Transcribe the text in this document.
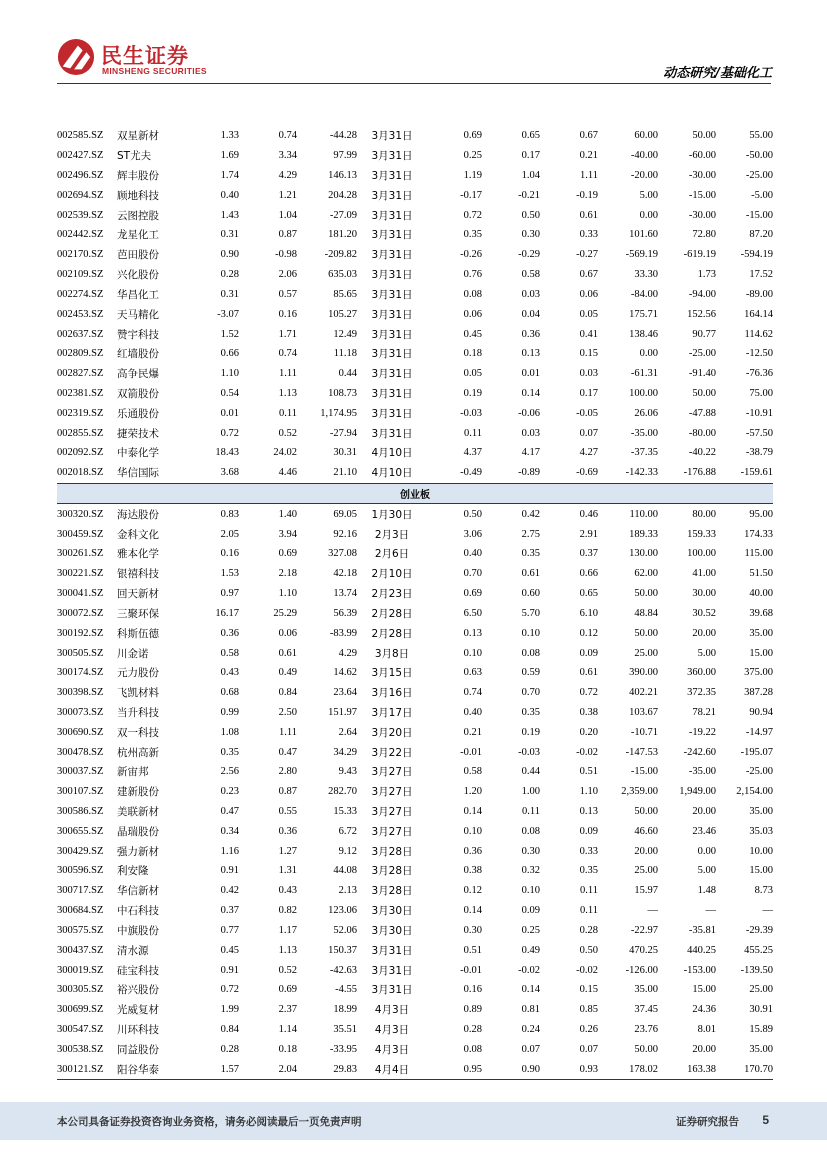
民生证券
MINSHENG SECURITIES	动态研究/基础化工
002585.SZ	双星新材	1.33	0.74	-44.28	3月31日	0.69	0.65	0.67	60.00	50.00	55.00
002427.SZ	ST尤夫	1.69	3.34	97.99	3月31日	0.25	0.17	0.21	-40.00	-60.00	-50.00
002496.SZ	辉丰股份	1.74	4.29	146.13	3月31日	1.19	1.04	1.11	-20.00	-30.00	-25.00
002694.SZ	顾地科技	0.40	1.21	204.28	3月31日	-0.17	-0.21	-0.19	5.00	-15.00	-5.00
002539.SZ	云图控股	1.43	1.04	-27.09	3月31日	0.72	0.50	0.61	0.00	-30.00	-15.00
002442.SZ	龙星化工	0.31	0.87	181.20	3月31日	0.35	0.30	0.33	101.60	72.80	87.20
002170.SZ	芭田股份	0.90	-0.98	-209.82	3月31日	-0.26	-0.29	-0.27	-569.19	-619.19	-594.19
002109.SZ	兴化股份	0.28	2.06	635.03	3月31日	0.76	0.58	0.67	33.30	1.73	17.52
002274.SZ	华昌化工	0.31	0.57	85.65	3月31日	0.08	0.03	0.06	-84.00	-94.00	-89.00
002453.SZ	天马精化	-3.07	0.16	105.27	3月31日	0.06	0.04	0.05	175.71	152.56	164.14
002637.SZ	赞宇科技	1.52	1.71	12.49	3月31日	0.45	0.36	0.41	138.46	90.77	114.62
002809.SZ	红墙股份	0.66	0.74	11.18	3月31日	0.18	0.13	0.15	0.00	-25.00	-12.50
002827.SZ	高争民爆	1.10	1.11	0.44	3月31日	0.05	0.01	0.03	-61.31	-91.40	-76.36
002381.SZ	双箭股份	0.54	1.13	108.73	3月31日	0.19	0.14	0.17	100.00	50.00	75.00
002319.SZ	乐通股份	0.01	0.11	1,174.95	3月31日	-0.03	-0.06	-0.05	26.06	-47.88	-10.91
002855.SZ	捷荣技术	0.72	0.52	-27.94	3月31日	0.11	0.03	0.07	-35.00	-80.00	-57.50
002092.SZ	中泰化学	18.43	24.02	30.31	4月10日	4.37	4.17	4.27	-37.35	-40.22	-38.79
002018.SZ	华信国际	3.68	4.46	21.10	4月10日	-0.49	-0.89	-0.69	-142.33	-176.88	-159.61
创业板											
300320.SZ	海达股份	0.83	1.40	69.05	1月30日	0.50	0.42	0.46	110.00	80.00	95.00
300459.SZ	金科文化	2.05	3.94	92.16	2月3日	3.06	2.75	2.91	189.33	159.33	174.33
300261.SZ	雅本化学	0.16	0.69	327.08	2月6日	0.40	0.35	0.37	130.00	100.00	115.00
300221.SZ	银禧科技	1.53	2.18	42.18	2月10日	0.70	0.61	0.66	62.00	41.00	51.50
300041.SZ	回天新材	0.97	1.10	13.74	2月23日	0.69	0.60	0.65	50.00	30.00	40.00
300072.SZ	三聚环保	16.17	25.29	56.39	2月28日	6.50	5.70	6.10	48.84	30.52	39.68
300192.SZ	科斯伍德	0.36	0.06	-83.99	2月28日	0.13	0.10	0.12	50.00	20.00	35.00
300505.SZ	川金诺	0.58	0.61	4.29	3月8日	0.10	0.08	0.09	25.00	5.00	15.00
300174.SZ	元力股份	0.43	0.49	14.62	3月15日	0.63	0.59	0.61	390.00	360.00	375.00
300398.SZ	飞凯材料	0.68	0.84	23.64	3月16日	0.74	0.70	0.72	402.21	372.35	387.28
300073.SZ	当升科技	0.99	2.50	151.97	3月17日	0.40	0.35	0.38	103.67	78.21	90.94
300690.SZ	双一科技	1.08	1.11	2.64	3月20日	0.21	0.19	0.20	-10.71	-19.22	-14.97
300478.SZ	杭州高新	0.35	0.47	34.29	3月22日	-0.01	-0.03	-0.02	-147.53	-242.60	-195.07
300037.SZ	新宙邦	2.56	2.80	9.43	3月27日	0.58	0.44	0.51	-15.00	-35.00	-25.00
300107.SZ	建新股份	0.23	0.87	282.70	3月27日	1.20	1.00	1.10	2,359.00	1,949.00	2,154.00
300586.SZ	美联新材	0.47	0.55	15.33	3月27日	0.14	0.11	0.13	50.00	20.00	35.00
300655.SZ	晶瑞股份	0.34	0.36	6.72	3月27日	0.10	0.08	0.09	46.60	23.46	35.03
300429.SZ	强力新材	1.16	1.27	9.12	3月28日	0.36	0.30	0.33	20.00	0.00	10.00
300596.SZ	利安隆	0.91	1.31	44.08	3月28日	0.38	0.32	0.35	25.00	5.00	15.00
300717.SZ	华信新材	0.42	0.43	2.13	3月28日	0.12	0.10	0.11	15.97	1.48	8.73
300684.SZ	中石科技	0.37	0.82	123.06	3月30日	0.14	0.09	0.11	—	—	—
300575.SZ	中旗股份	0.77	1.17	52.06	3月30日	0.30	0.25	0.28	-22.97	-35.81	-29.39
300437.SZ	清水源	0.45	1.13	150.37	3月31日	0.51	0.49	0.50	470.25	440.25	455.25
300019.SZ	硅宝科技	0.91	0.52	-42.63	3月31日	-0.01	-0.02	-0.02	-126.00	-153.00	-139.50
300305.SZ	裕兴股份	0.72	0.69	-4.55	3月31日	0.16	0.14	0.15	35.00	15.00	25.00
300699.SZ	光威复材	1.99	2.37	18.99	4月3日	0.89	0.81	0.85	37.45	24.36	30.91
300547.SZ	川环科技	0.84	1.14	35.51	4月3日	0.28	0.24	0.26	23.76	8.01	15.89
300538.SZ	同益股份	0.28	0.18	-33.95	4月3日	0.08	0.07	0.07	50.00	20.00	35.00
300121.SZ	阳谷华泰	1.57	2.04	29.83	4月4日	0.95	0.90	0.93	178.02	163.38	170.70
本公司具备证券投资咨询业务资格，请务必阅读最后一页免责声明	证券研究报告 5
